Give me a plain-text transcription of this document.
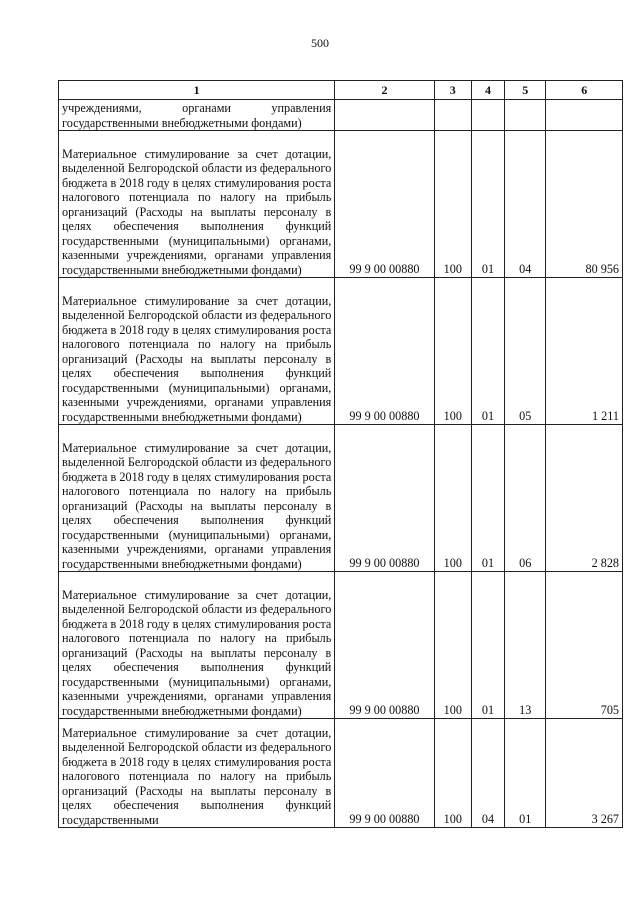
500
1	2	3	4	5	6
учреждениями, органами управления государственными внебюджетными фондами)					
Материальное стимулирование за счет дотации, выделенной Белгородской области из федерального бюджета в 2018 году в целях стимулирования роста налогового потенциала по налогу на прибыль организаций (Расходы на выплаты персоналу в целях обеспечения выполнения функций государственными (муниципальными) органами, казенными учреждениями, органами управления государственными внебюджетными фондами)	99 9 00 00880	100	01	04	80 956
Материальное стимулирование за счет дотации, выделенной Белгородской области из федерального бюджета в 2018 году в целях стимулирования роста налогового потенциала по налогу на прибыль организаций (Расходы на выплаты персоналу в целях обеспечения выполнения функций государственными (муниципальными) органами, казенными учреждениями, органами управления государственными внебюджетными фондами)	99 9 00 00880	100	01	05	1 211
Материальное стимулирование за счет дотации, выделенной Белгородской области из федерального бюджета в 2018 году в целях стимулирования роста налогового потенциала по налогу на прибыль организаций (Расходы на выплаты персоналу в целях обеспечения выполнения функций государственными (муниципальными) органами, казенными учреждениями, органами управления государственными внебюджетными фондами)	99 9 00 00880	100	01	06	2 828
Материальное стимулирование за счет дотации, выделенной Белгородской области из федерального бюджета в 2018 году в целях стимулирования роста налогового потенциала по налогу на прибыль организаций (Расходы на выплаты персоналу в целях обеспечения выполнения функций государственными (муниципальными) органами, казенными учреждениями, органами управления государственными внебюджетными фондами)	99 9 00 00880	100	01	13	705
Материальное стимулирование за счет дотации, выделенной Белгородской области из федерального бюджета в 2018 году в целях стимулирования роста налогового потенциала по налогу на прибыль организаций (Расходы на выплаты персоналу в целях обеспечения выполнения функций государственными	99 9 00 00880	100	04	01	3 267
